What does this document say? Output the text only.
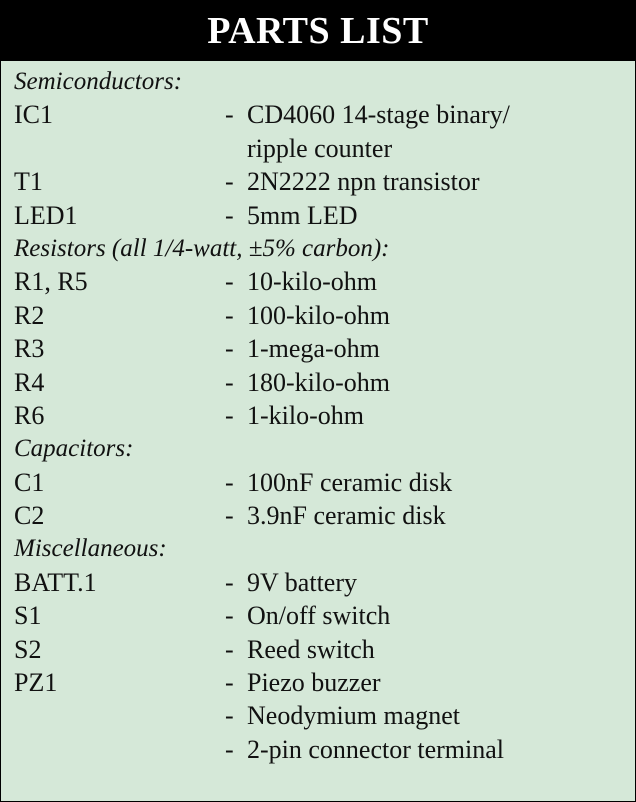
PARTS LIST
Semiconductors:
IC1	- CD4060 14-stage binary/
ripple counter
T1	- 2N2222 npn transistor
LED1	- 5mm LED
Resistors (all 1/4-watt, ±5% carbon):
R1, R5	- 10-kilo-ohm
R2	- 100-kilo-ohm
R3	- 1-mega-ohm
R4	- 180-kilo-ohm
R6	- 1-kilo-ohm
Capacitors:
C1	- 100nF ceramic disk
C2	- 3.9nF ceramic disk
Miscellaneous:
BATT.1	- 9V battery
S1	- On/off switch
S2	- Reed switch
PZ1	- Piezo buzzer
- Neodymium magnet
- 2-pin connector terminal
